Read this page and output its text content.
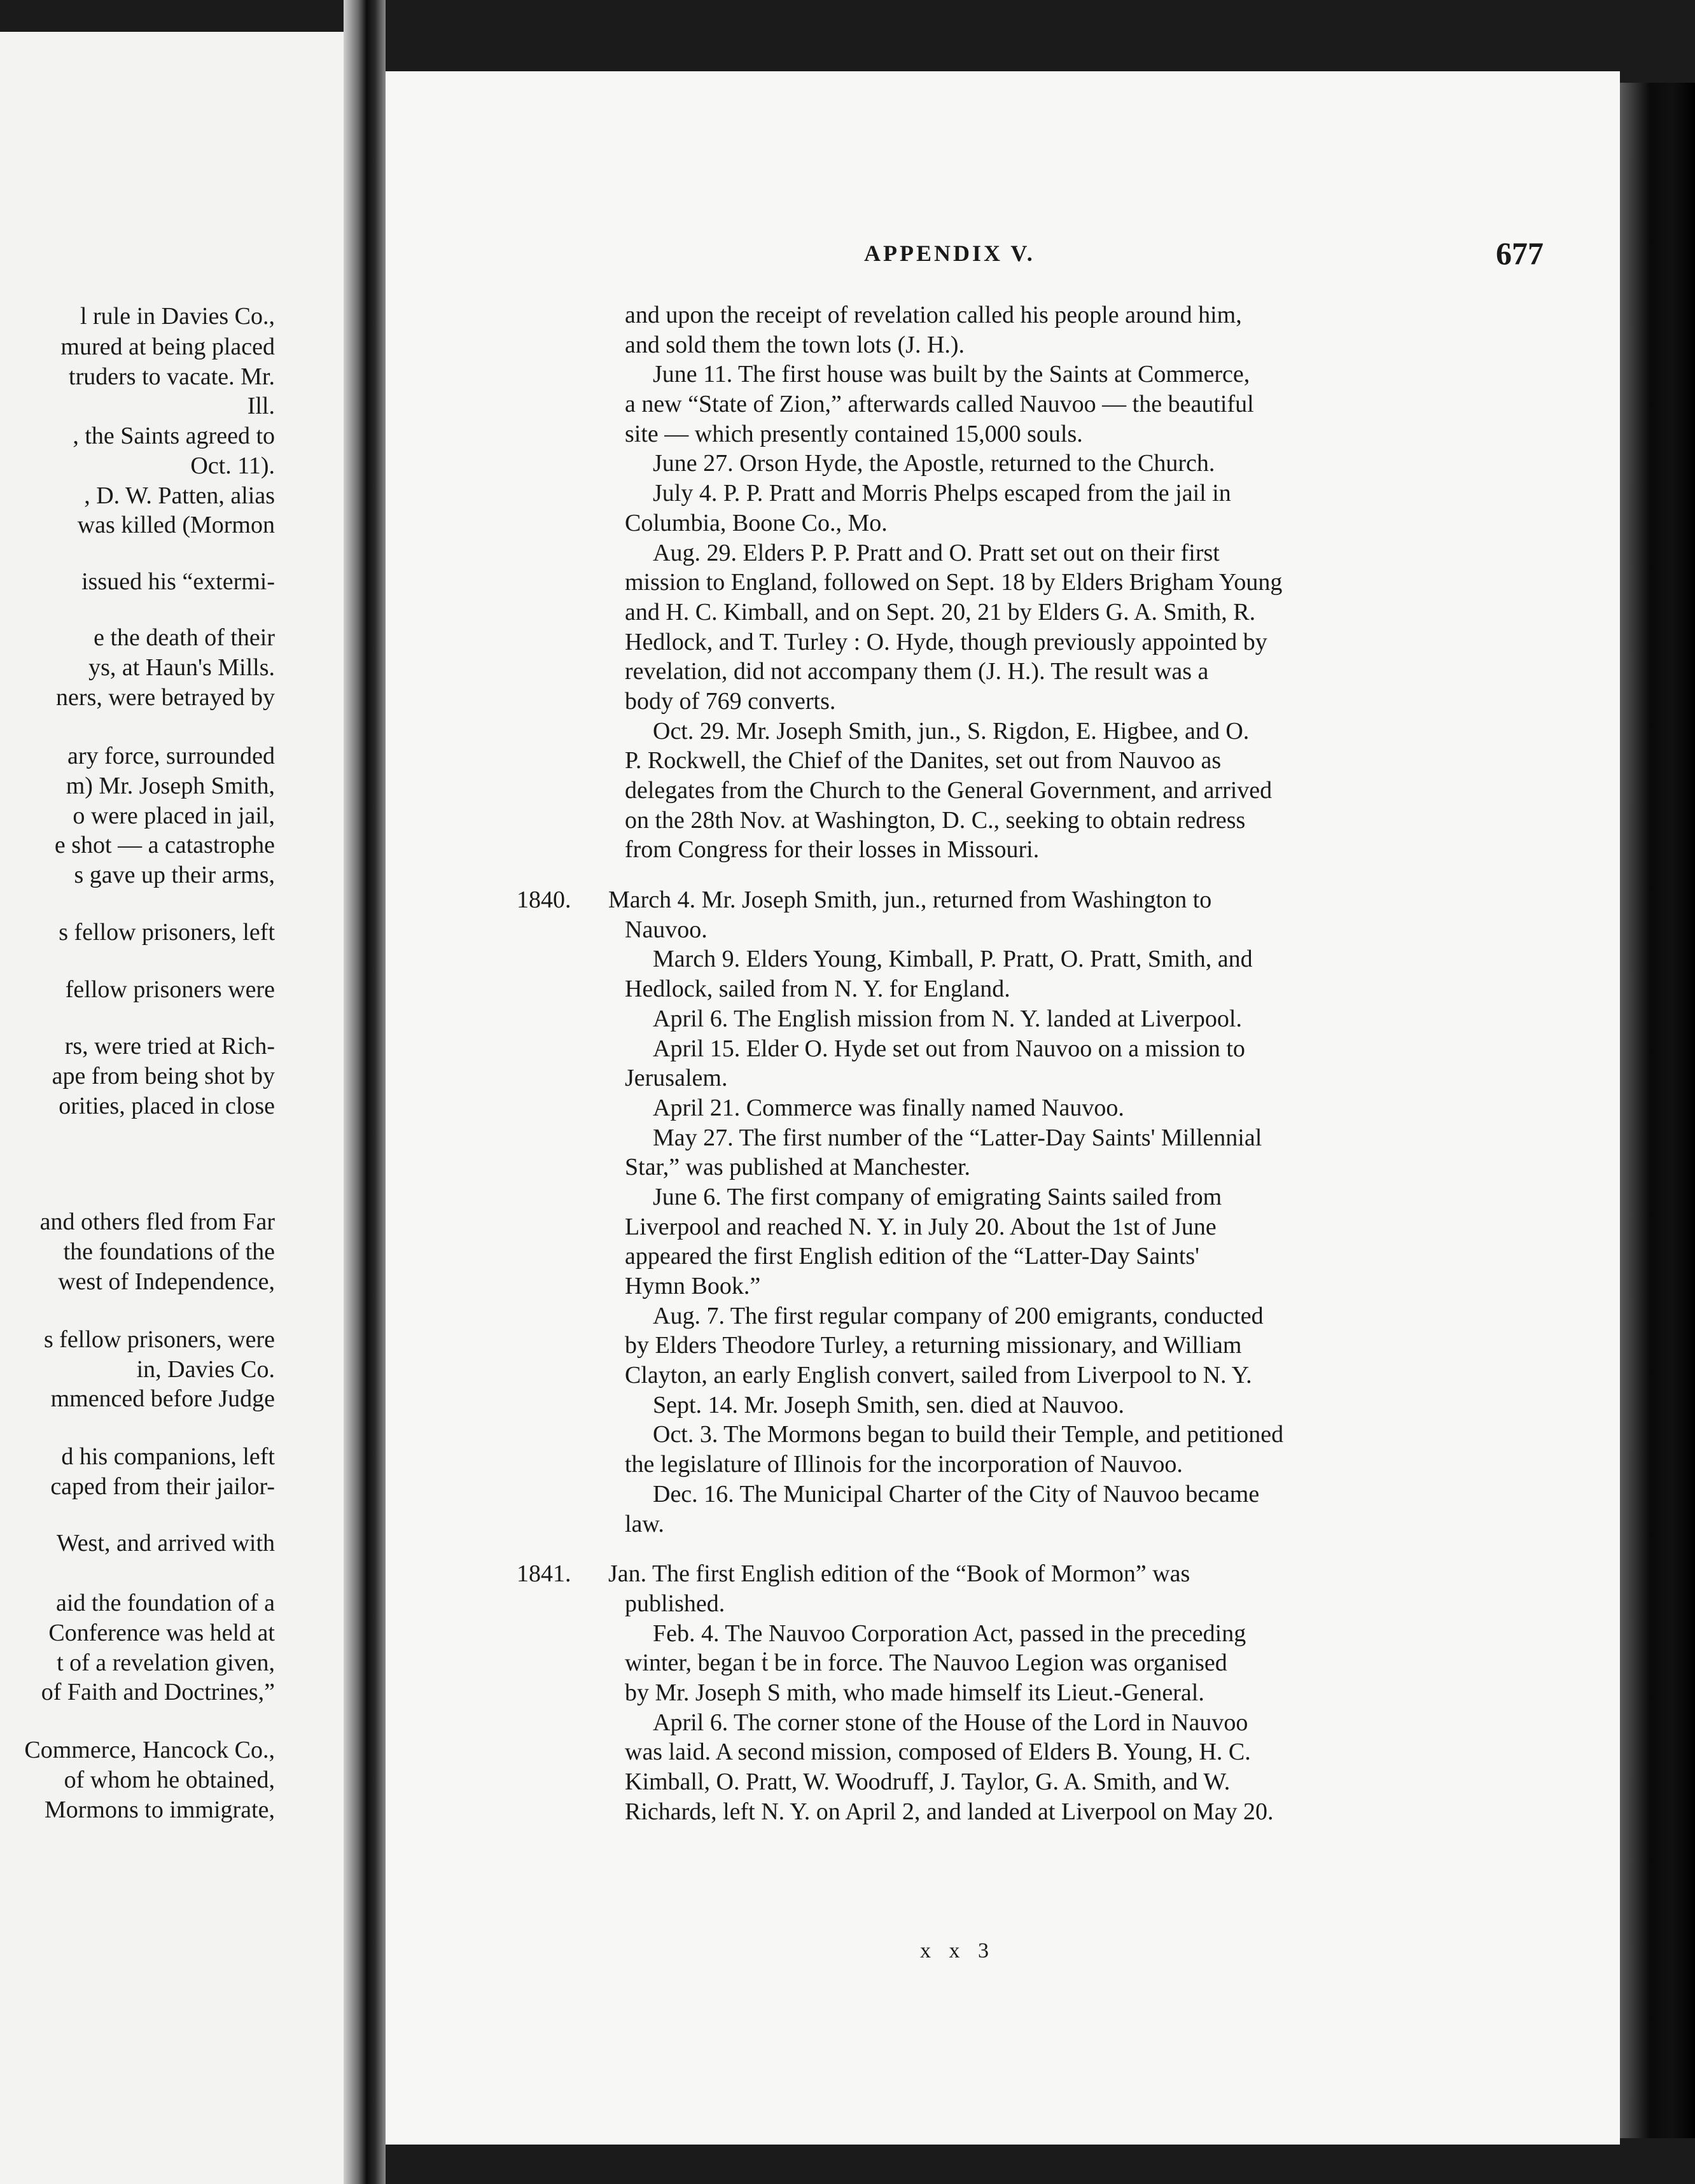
l rule in Davies Co.,
mured at being placed
truders to vacate. Mr.
Ill.
, the Saints agreed to
Oct. 11).
, D. W. Patten, alias
was killed (Mormon
issued his “extermi-
e the death of their
ys, at Haun's Mills.
ners, were betrayed by
ary force, surrounded
m) Mr. Joseph Smith,
o were placed in jail,
e shot — a catastrophe
s gave up their arms,
s fellow prisoners, left
fellow prisoners were
rs, were tried at Rich-
ape from being shot by
orities, placed in close
and others fled from Far
the foundations of the
west of Independence,
s fellow prisoners, were
in, Davies Co.
mmenced before Judge
d his companions, left
caped from their jailor-
West, and arrived with
aid the foundation of a
Conference was held at
t of a revelation given,
of Faith and Doctrines,”
Commerce, Hancock Co.,
of whom he obtained,
Mormons to immigrate,
APPENDIX V.	677
and upon the receipt of revelation called his people around him,
and sold them the town lots (J. H.).
June 11. The first house was built by the Saints at Commerce,
a new “State of Zion,” afterwards called Nauvoo — the beautiful
site — which presently contained 15,000 souls.
June 27. Orson Hyde, the Apostle, returned to the Church.
July 4. P. P. Pratt and Morris Phelps escaped from the jail in
Columbia, Boone Co., Mo.
Aug. 29. Elders P. P. Pratt and O. Pratt set out on their first
mission to England, followed on Sept. 18 by Elders Brigham Young
and H. C. Kimball, and on Sept. 20, 21 by Elders G. A. Smith, R.
Hedlock, and T. Turley : O. Hyde, though previously appointed by
revelation, did not accompany them (J. H.). The result was a
body of 769 converts.
Oct. 29. Mr. Joseph Smith, jun., S. Rigdon, E. Higbee, and O.
P. Rockwell, the Chief of the Danites, set out from Nauvoo as
delegates from the Church to the General Government, and arrived
on the 28th Nov. at Washington, D. C., seeking to obtain redress
from Congress for their losses in Missouri.
1840. March 4. Mr. Joseph Smith, jun., returned from Washington to
Nauvoo.
March 9. Elders Young, Kimball, P. Pratt, O. Pratt, Smith, and
Hedlock, sailed from N. Y. for England.
April 6. The English mission from N. Y. landed at Liverpool.
April 15. Elder O. Hyde set out from Nauvoo on a mission to
Jerusalem.
April 21. Commerce was finally named Nauvoo.
May 27. The first number of the “Latter-Day Saints' Millennial
Star,” was published at Manchester.
June 6. The first company of emigrating Saints sailed from
Liverpool and reached N. Y. in July 20. About the 1st of June
appeared the first English edition of the “Latter-Day Saints'
Hymn Book.”
Aug. 7. The first regular company of 200 emigrants, conducted
by Elders Theodore Turley, a returning missionary, and William
Clayton, an early English convert, sailed from Liverpool to N. Y.
Sept. 14. Mr. Joseph Smith, sen. died at Nauvoo.
Oct. 3. The Mormons began to build their Temple, and petitioned
the legislature of Illinois for the incorporation of Nauvoo.
Dec. 16. The Municipal Charter of the City of Nauvoo became
law.
1841. Jan. The first English edition of the “Book of Mormon” was
published.
Feb. 4. The Nauvoo Corporation Act, passed in the preceding
winter, began ṫ be in force. The Nauvoo Legion was organised
by Mr. Joseph S mith, who made himself its Lieut.-General.
April 6. The corner stone of the House of the Lord in Nauvoo
was laid. A second mission, composed of Elders B. Young, H. C.
Kimball, O. Pratt, W. Woodruff, J. Taylor, G. A. Smith, and W.
Richards, left N. Y. on April 2, and landed at Liverpool on May 20.
x x 3
